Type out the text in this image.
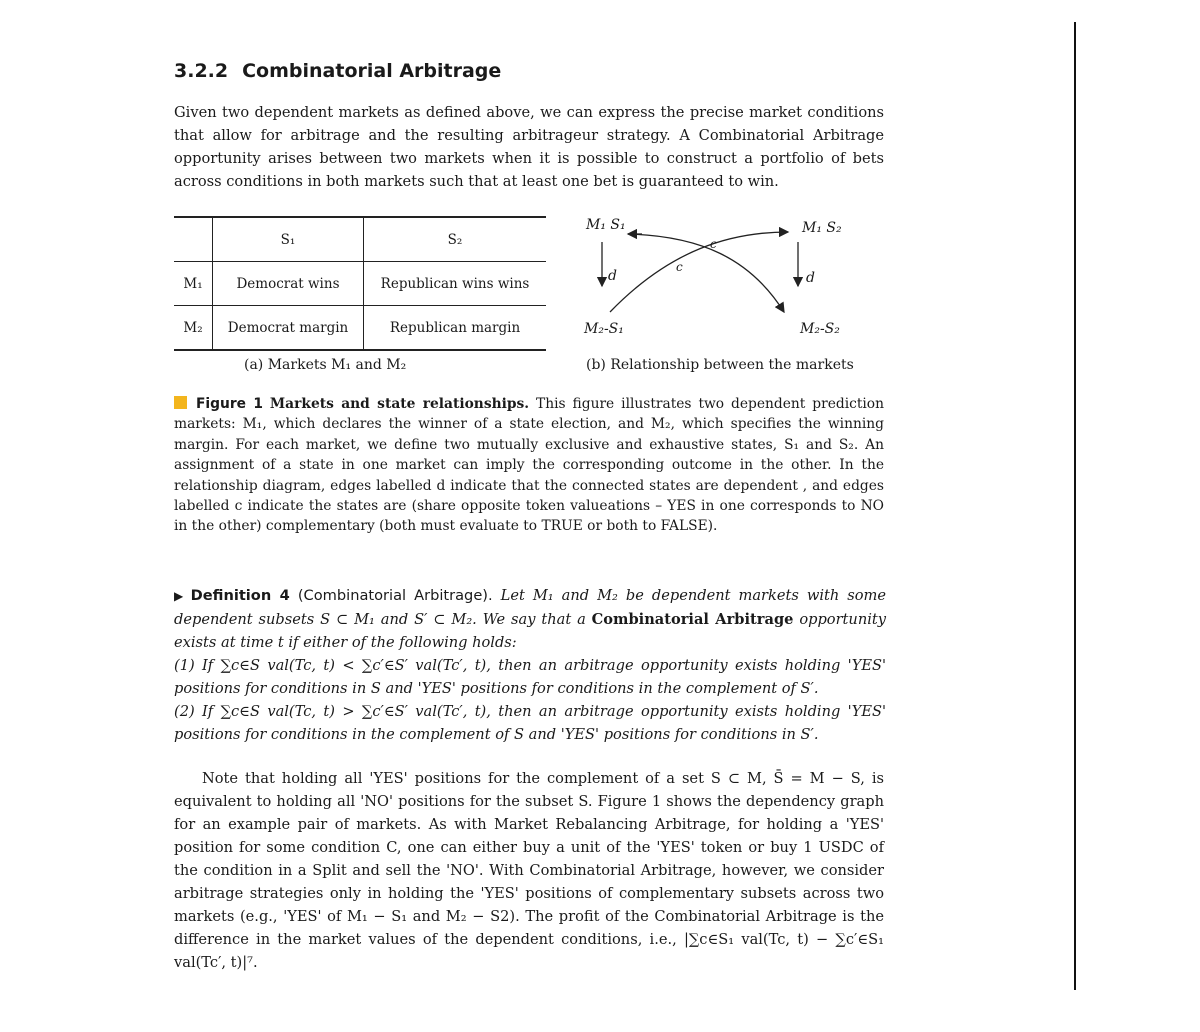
3.2.2 Combinatorial Arbitrage
Given two dependent markets as defined above, we can express the precise market conditions that allow for arbitrage and the resulting arbitrageur strategy. A Combinatorial Arbitrage opportunity arises between two markets when it is possible to construct a portfolio of bets across conditions in both markets such that at least one bet is guaranteed to win.
	S₁	S₂
M₁	Democrat wins	Republican wins wins
M₂	Democrat margin	Republican margin
(a) Markets M₁ and M₂
M₁ S₁	M₁ S₂
M₂-S₁	M₂-S₂
d	d
c
c
(b) Relationship between the markets
Figure 1 Markets and state relationships. This figure illustrates two dependent prediction markets: M₁, which declares the winner of a state election, and M₂, which specifies the winning margin. For each market, we define two mutually exclusive and exhaustive states, S₁ and S₂. An assignment of a state in one market can imply the corresponding outcome in the other. In the relationship diagram, edges labelled d indicate that the connected states are dependent , and edges labelled c indicate the states are (share opposite token valueations – YES in one corresponds to NO in the other) complementary (both must evaluate to TRUE or both to FALSE).
▶ Definition 4 (Combinatorial Arbitrage). Let M₁ and M₂ be dependent markets with some dependent subsets S ⊂ M₁ and S′ ⊂ M₂. We say that a Combinatorial Arbitrage opportunity exists at time t if either of the following holds:
(1) If ∑c∈S val(Tc, t) < ∑c′∈S′ val(Tc′, t), then an arbitrage opportunity exists holding 'YES' positions for conditions in S and 'YES' positions for conditions in the complement of S′.
(2) If ∑c∈S val(Tc, t) > ∑c′∈S′ val(Tc′, t), then an arbitrage opportunity exists holding 'YES' positions for conditions in the complement of S and 'YES' positions for conditions in S′.
Note that holding all 'YES' positions for the complement of a set S ⊂ M, S̄ = M − S, is equivalent to holding all 'NO' positions for the subset S. Figure 1 shows the dependency graph for an example pair of markets. As with Market Rebalancing Arbitrage, for holding a 'YES' position for some condition C, one can either buy a unit of the 'YES' token or buy 1 USDC of the condition in a Split and sell the 'NO'. With Combinatorial Arbitrage, however, we consider arbitrage strategies only in holding the 'YES' positions of complementary subsets across two markets (e.g., 'YES' of M₁ − S₁ and M₂ − S2). The profit of the Combinatorial Arbitrage is the difference in the market values of the dependent conditions, i.e., |∑c∈S₁ val(Tc, t) − ∑c′∈S₁ val(Tc′, t)|⁷.
